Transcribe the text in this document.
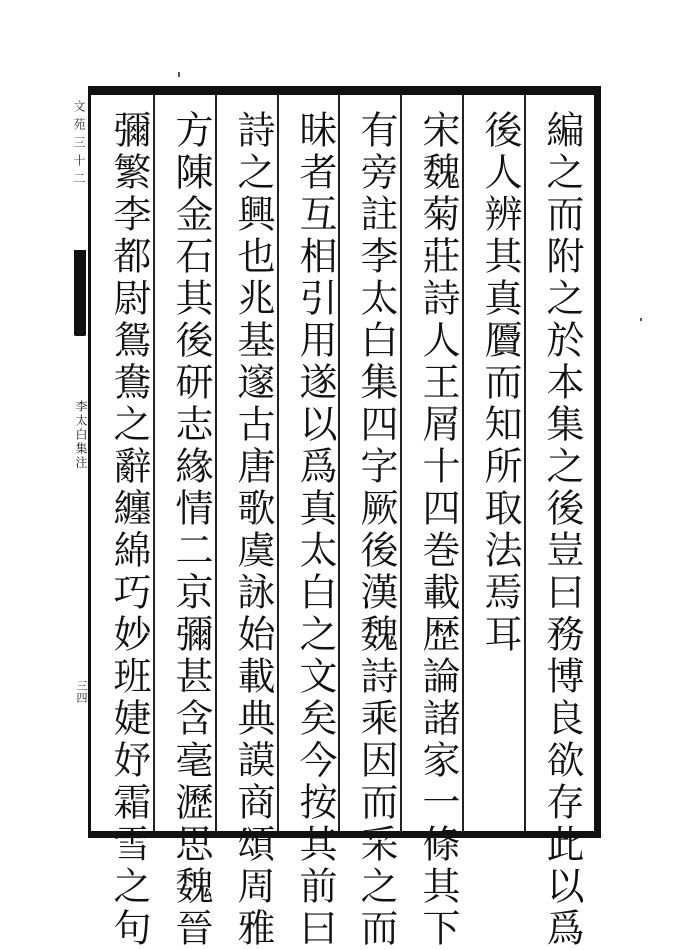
編之而附之於本集之後豈曰務博良欲存此以爲
後人辨其真贗而知所取法焉耳
宋魏菊莊詩人王屑十四巻載歴論諸家一條其下
有旁註李太白集四字厥後漢魏詩乘因而采之而
昧者互相引用遂以爲真太白之文矣今按其前曰
詩之興也兆基邃古唐歌虞詠始載典謨商頌周雅
方陳金石其後研志緣情二京彌甚含毫瀝思魏晉
彌繁李都尉鴛鴦之辭纏綿巧妙班婕妤霜雪之句
文苑三十二
李太白集注
三四
